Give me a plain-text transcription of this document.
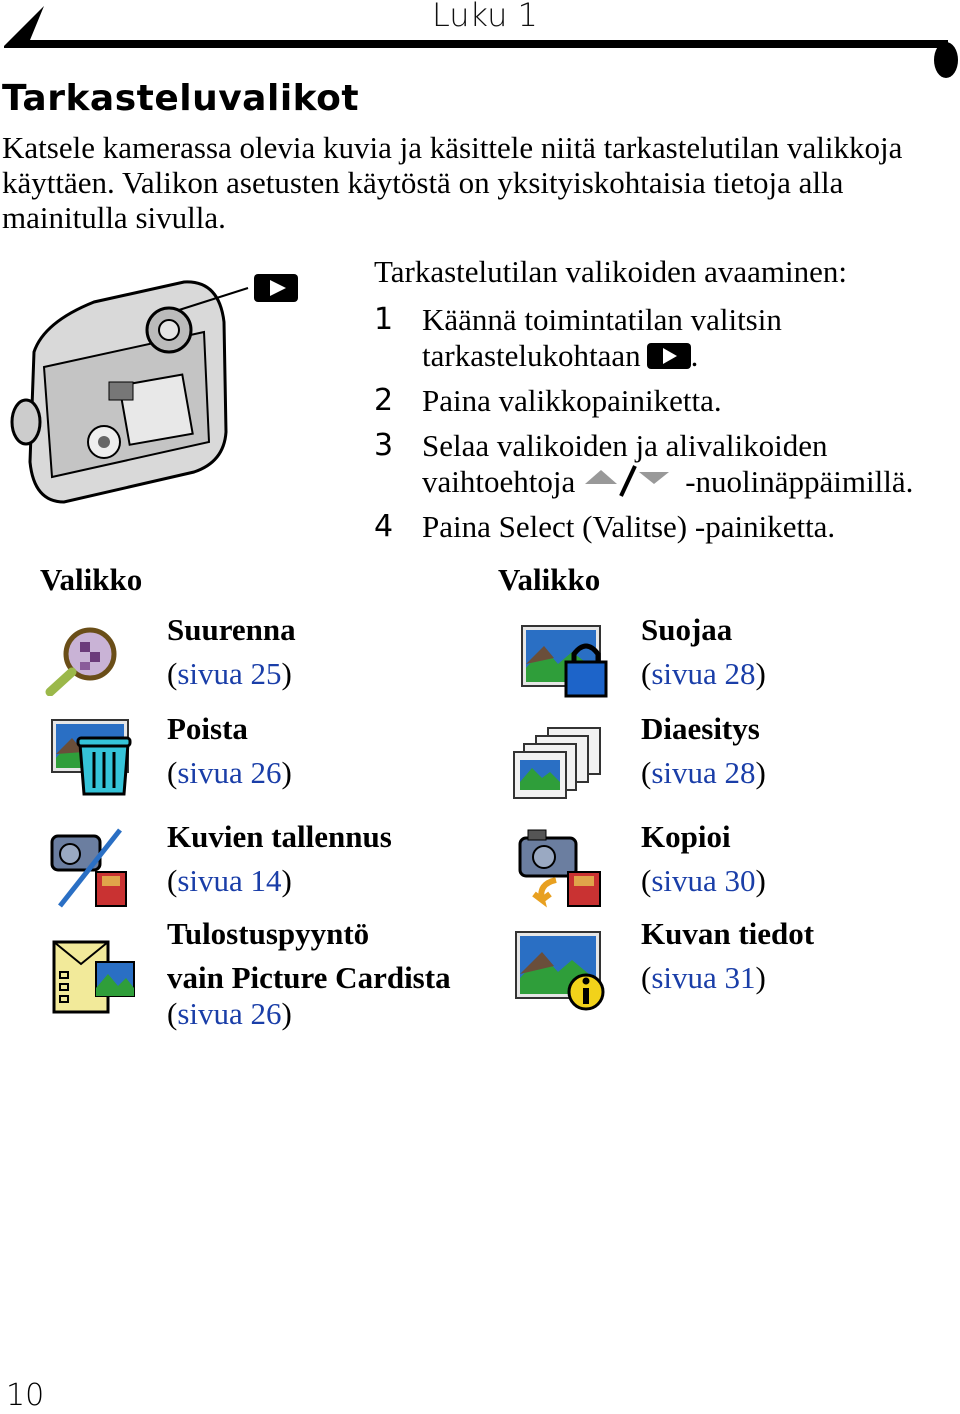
Luku 1
Tarkasteluvalikot
Katsele kamerassa olevia kuvia ja käsittele niitä tarkastelutilan valikkoja käyttäen. Valikon asetusten käytöstä on yksityiskohtaisia tietoja alla mainitulla sivulla.
Tarkastelutilan valikoiden avaaminen:
1 Käännä toimintatilan valitsin
tarkastelukohtaan .
2 Paina valikkopainiketta.
3 Selaa valikoiden ja alivalikoiden
vaihtoehtoja	-nuolinäppäimillä.
4 Paina Select (Valitse) -painiketta.
Valikko	Valikko
Suurenna
(sivua 25)
Poista
(sivua 26)
Kuvien tallennus
(sivua 14)
Tulostuspyyntö
vain Picture Cardista
(sivua 26)
Suojaa
(sivua 28)
Diaesitys
(sivua 28)
Kopioi
(sivua 30)
Kuvan tiedot
(sivua 31)
10
